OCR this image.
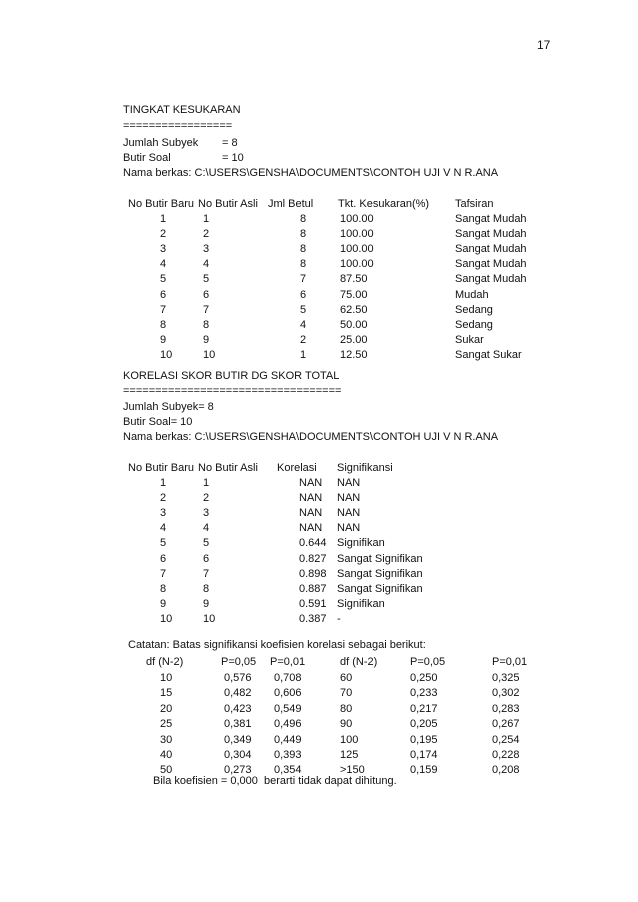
17
TINGKAT KESUKARAN
=================
Jumlah Subyek = 8
Butir Soal	= 10
Nama berkas: C:\USERS\GENSHA\DOCUMENTS\CONTOH UJI V N R.ANA
No Butir Baru No Butir Asli Jml Betul Tkt. Kesukaran(%) Tafsiran
1	1	8	100.00	Sangat Mudah
2	2	8	100.00	Sangat Mudah
3	3	8	100.00	Sangat Mudah
4	4	8	100.00	Sangat Mudah
5	5	7	87.50	Sangat Mudah
6	6	6	75.00	Mudah
7	7	5	62.50	Sedang
8	8	4	50.00	Sedang
9	9	2	25.00	Sukar
10	10	1	12.50	Sangat Sukar
KORELASI SKOR BUTIR DG SKOR TOTAL
==================================
Jumlah Subyek= 8
Butir Soal= 10
Nama berkas: C:\USERS\GENSHA\DOCUMENTS\CONTOH UJI V N R.ANA
No Butir Baru No Butir Asli Korelasi Signifikansi
1	1	NAN NAN
2	2	NAN NAN
3	3	NAN NAN
4	4	NAN NAN
5	5	0.644 Signifikan
6	6	0.827 Sangat Signifikan
7	7	0.898 Sangat Signifikan
8	8	0.887 Sangat Signifikan
9	9	0.591 Signifikan
10	10	0.387 -
Catatan: Batas signifikansi koefisien korelasi sebagai berikut:
df (N-2)	P=0,05 P=0,01	df (N-2)	P=0,05	P=0,01
10	0,576 0,708	60	0,250	0,325
15	0,482 0,606	70	0,233	0,302
20	0,423 0,549	80	0,217	0,283
25	0,381 0,496	90	0,205	0,267
30	0,349 0,449	100	0,195	0,254
40	0,304 0,393	125	0,174	0,228
50	0,273 0,354	>150	0,159	0,208
Bila koefisien = 0,000  berarti tidak dapat dihitung.
